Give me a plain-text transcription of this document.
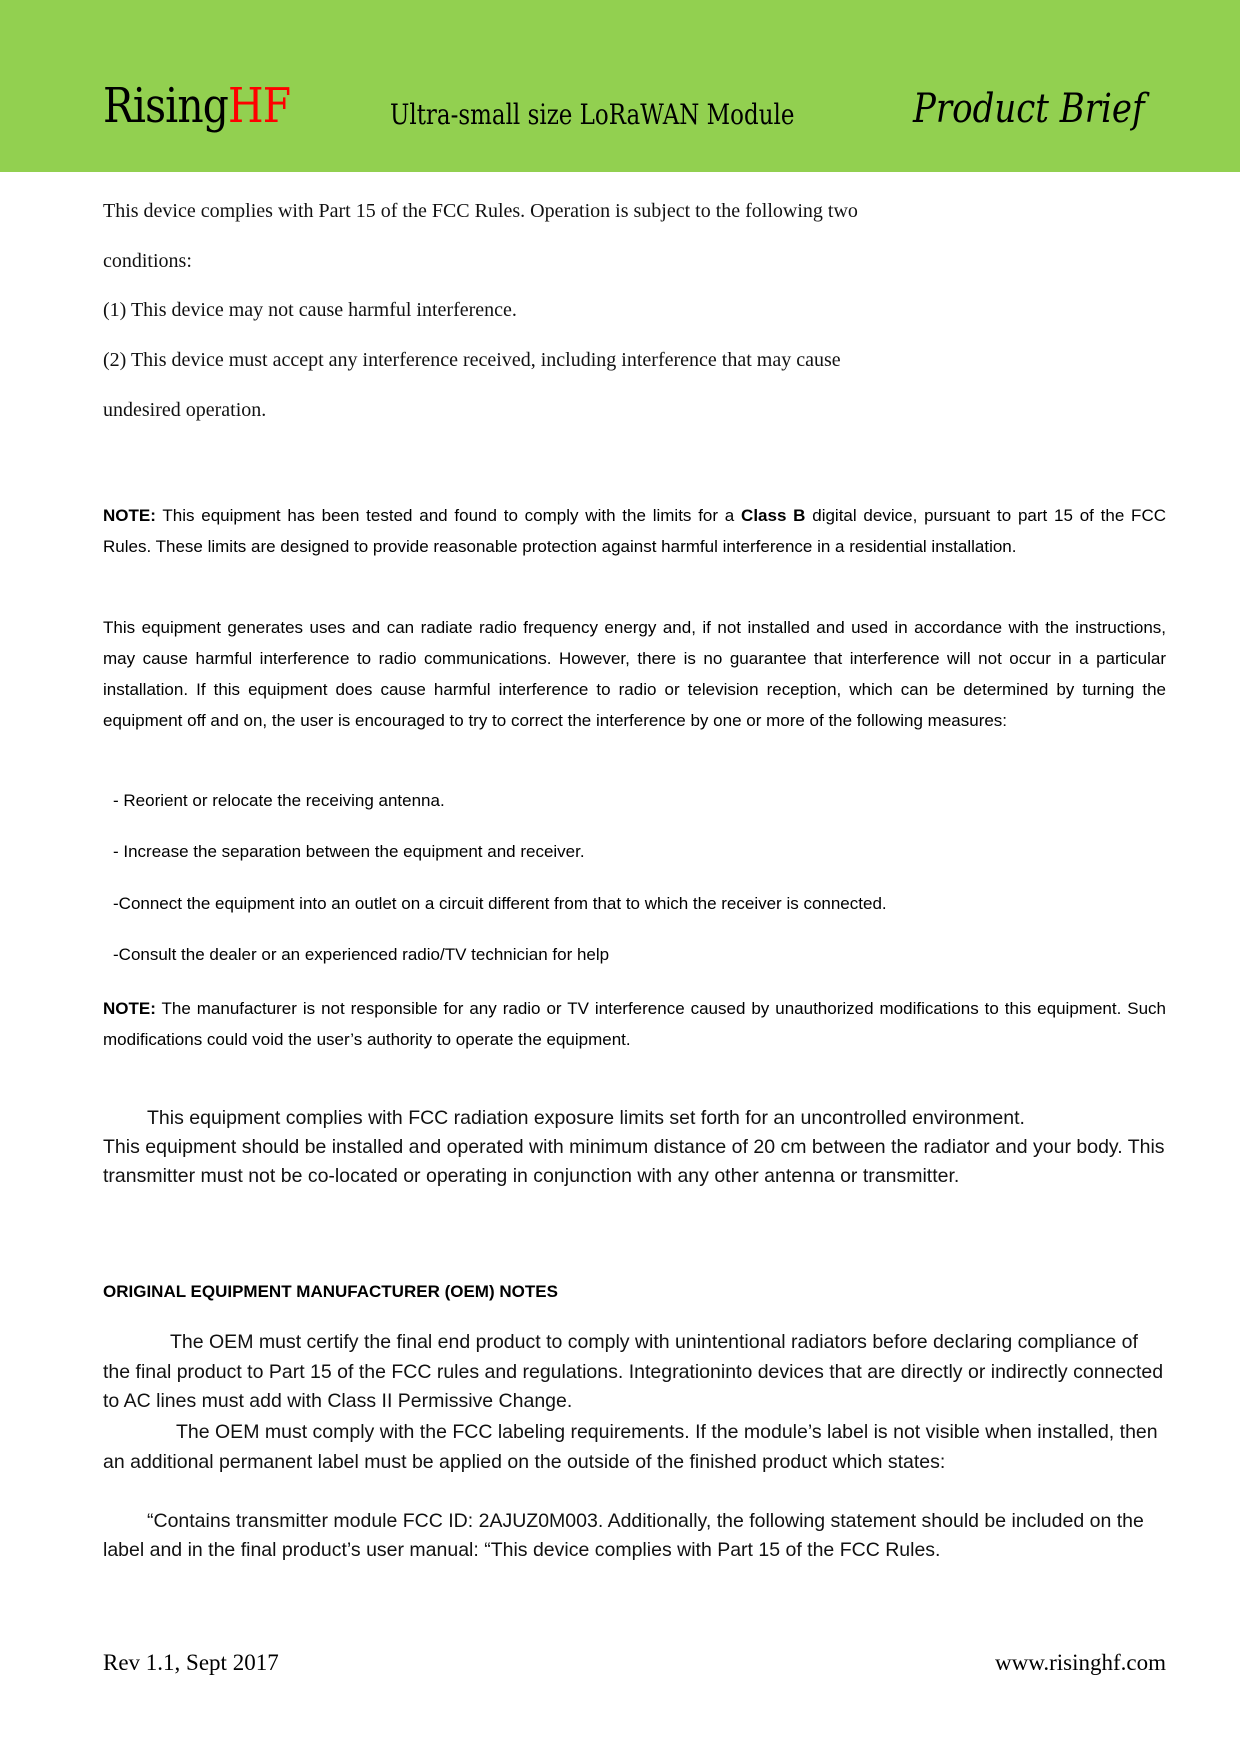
RisingHF	Ultra-small size LoRaWAN Module	Product Brief
This device complies with Part 15 of the FCC Rules. Operation is subject to the following two
conditions:
(1) This device may not cause harmful interference.
(2) This device must accept any interference received, including interference that may cause
undesired operation.
NOTE: This equipment has been tested and found to comply with the limits for a Class B digital device, pursuant to part 15 of the FCC Rules. These limits are designed to provide reasonable protection against harmful interference in a residential installation.
This equipment generates uses and can radiate radio frequency energy and, if not installed and used in accordance with the instructions, may cause harmful interference to radio communications. However, there is no guarantee that interference will not occur in a particular installation. If this equipment does cause harmful interference to radio or television reception, which can be determined by turning the equipment off and on, the user is encouraged to try to correct the interference by one or more of the following measures:
- Reorient or relocate the receiving antenna.
- Increase the separation between the equipment and receiver.
-Connect the equipment into an outlet on a circuit different from that to which the receiver is connected.
-Consult the dealer or an experienced radio/TV technician for help
NOTE: The manufacturer is not responsible for any radio or TV interference caused by unauthorized modifications to this equipment. Such modifications could void the user’s authority to operate the equipment.
This equipment complies with FCC radiation exposure limits set forth for an uncontrolled environment.
This equipment should be installed and operated with minimum distance of 20 cm between the radiator and your body. This transmitter must not be co-located or operating in conjunction with any other antenna or transmitter.
ORIGINAL EQUIPMENT MANUFACTURER (OEM) NOTES
The OEM must certify the final end product to comply with unintentional radiators before declaring compliance of the final product to Part 15 of the FCC rules and regulations. Integrationinto devices that are directly or indirectly connected to AC lines must add with Class II Permissive Change.
The OEM must comply with the FCC labeling requirements. If the module’s label is not visible when installed, then an additional permanent label must be applied on the outside of the finished product which states:
“Contains transmitter module FCC ID: 2AJUZ0M003. Additionally, the following statement should be included on the label and in the final product’s user manual: “This device complies with Part 15 of the FCC Rules.
Rev 1.1, Sept 2017	www.risinghf.com
